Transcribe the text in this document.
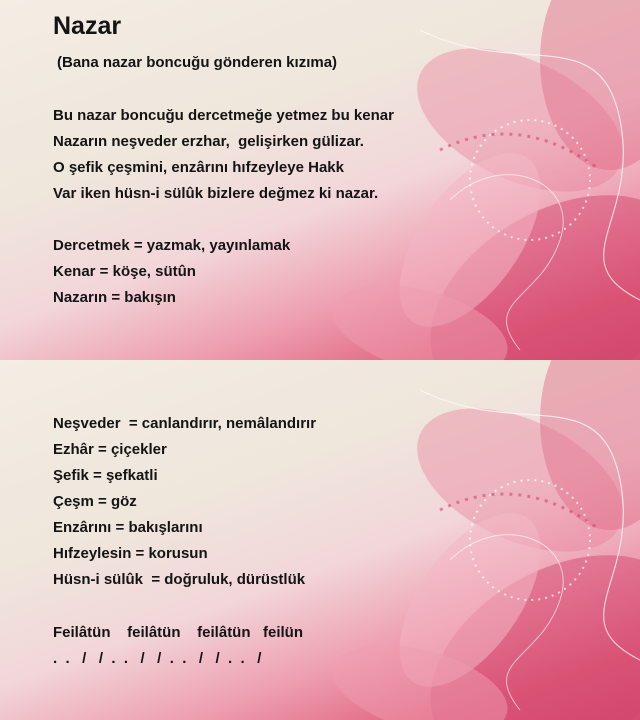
Nazar

(Bana nazar boncuğu gönderen kızıma)

Bu nazar boncuğu dercetmeğe yetmez bu kenar

Nazarın neşveder erzhar,  gelişirken gülizar.

O şefik çeşmini, enzârını hıfzeyleye Hakk

Var iken hüsn-i sülûk bizlere değmez ki nazar.

Dercetmek = yazmak, yayınlamak

Kenar = köşe, sütûn

Nazarın = bakışın

Neşveder  = canlandırır, nemâlandırır

Ezhâr = çiçekler

Şefik = şefkatli

Çeşm = göz

Enzârını = bakışlarını

Hıfzeylesin = korusun

Hüsn-i sülûk  = doğruluk, dürüstlük

Feilâtün    feilâtün    feilâtün   feilün

.  .   /   /  .  .   /   /  .  .   /   /  .  .   /
